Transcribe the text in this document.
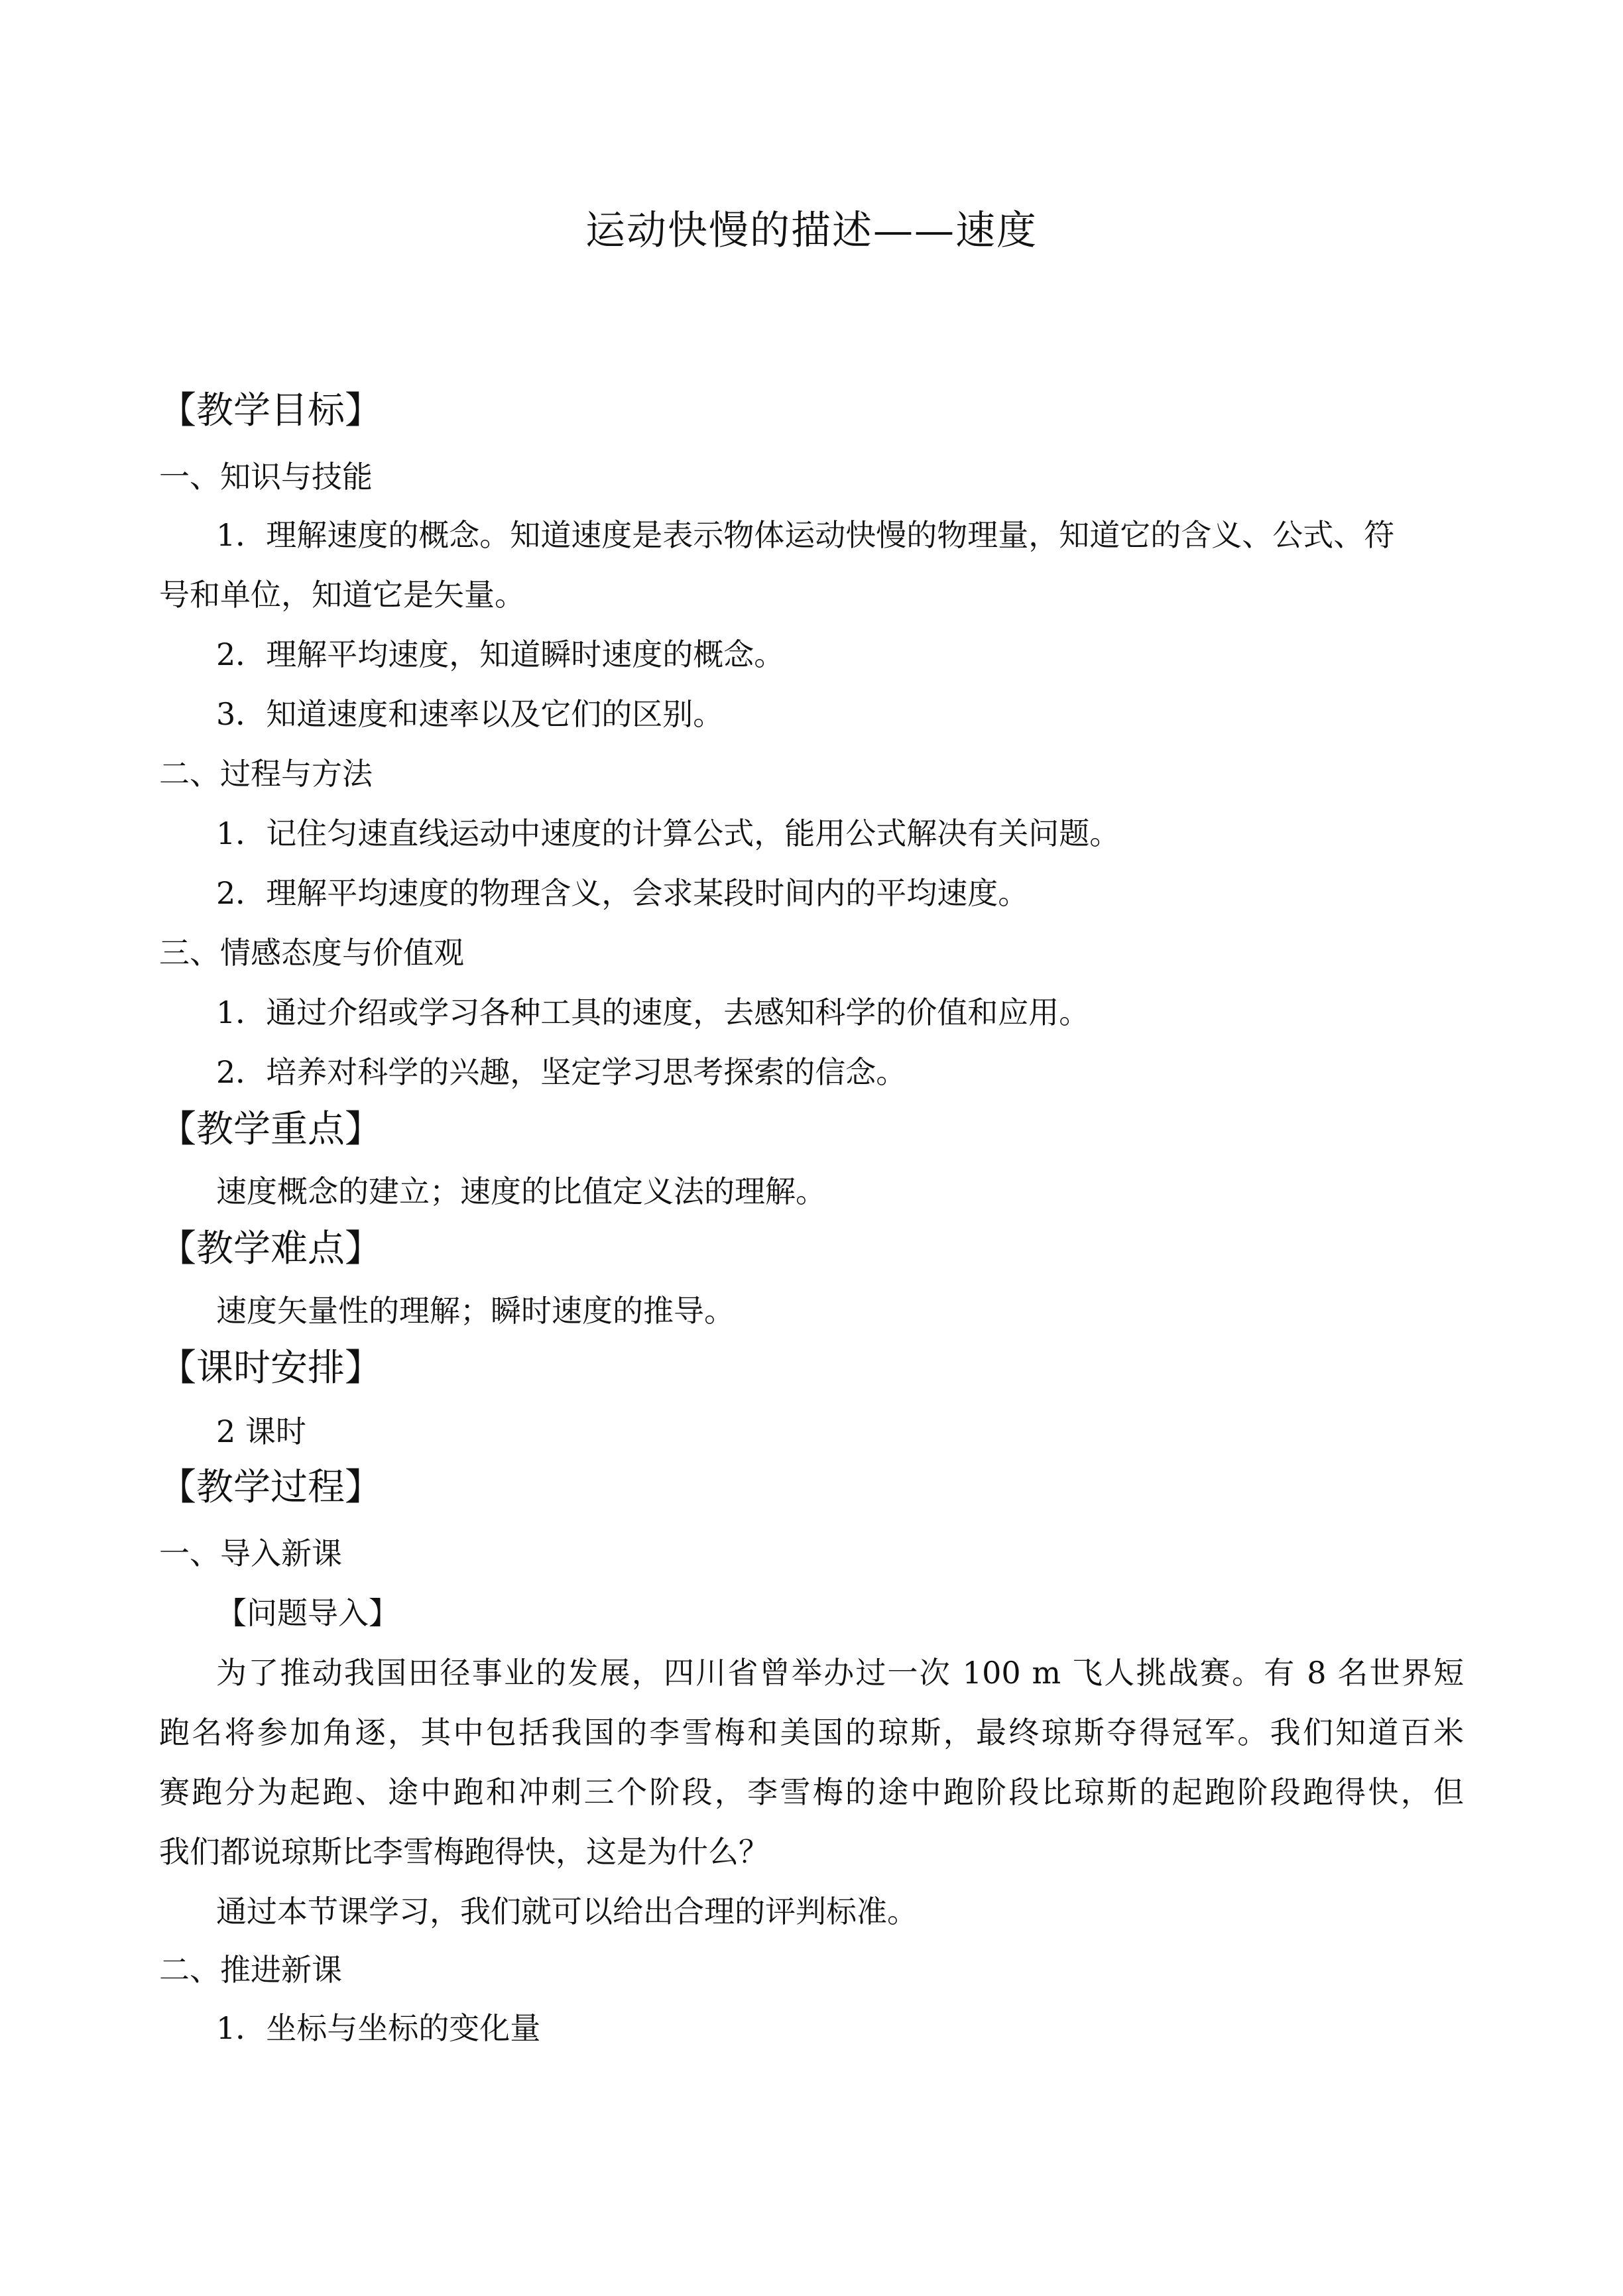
运动快慢的描述——速度
【教学目标】
一、知识与技能
1．理解速度的概念。知道速度是表示物体运动快慢的物理量，知道它的含义、公式、符
号和单位，知道它是矢量。
2．理解平均速度，知道瞬时速度的概念。
3．知道速度和速率以及它们的区别。
二、过程与方法
1．记住匀速直线运动中速度的计算公式，能用公式解决有关问题。
2．理解平均速度的物理含义，会求某段时间内的平均速度。
三、情感态度与价值观
1．通过介绍或学习各种工具的速度，去感知科学的价值和应用。
2．培养对科学的兴趣，坚定学习思考探索的信念。
【教学重点】
速度概念的建立；速度的比值定义法的理解。
【教学难点】
速度矢量性的理解；瞬时速度的推导。
【课时安排】
2 课时
【教学过程】
一、导入新课
【问题导入】
为了推动我国田径事业的发展，四川省曾举办过一次 100 m 飞人挑战赛。有 8 名世界短
跑名将参加角逐，其中包括我国的李雪梅和美国的琼斯，最终琼斯夺得冠军。我们知道百米
赛跑分为起跑、途中跑和冲刺三个阶段，李雪梅的途中跑阶段比琼斯的起跑阶段跑得快，但
我们都说琼斯比李雪梅跑得快，这是为什么？
通过本节课学习，我们就可以给出合理的评判标准。
二、推进新课
1．坐标与坐标的变化量
